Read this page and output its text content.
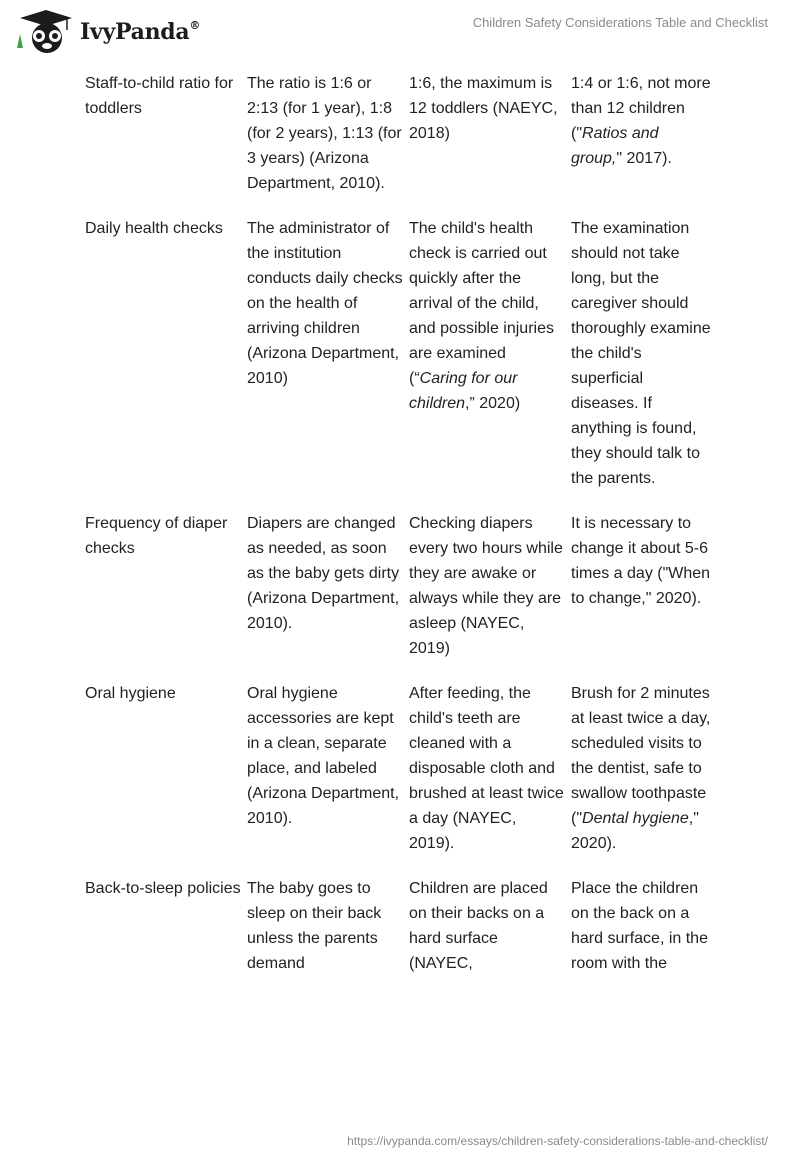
IvyPanda®	Children Safety Considerations Table and Checklist
Staff-to-child ratio for toddlers	The ratio is 1:6 or 2:13 (for 1 year), 1:8 (for 2 years), 1:13 (for 3 years) (Arizona Department, 2010).	1:6, the maximum is 12 toddlers (NAEYC, 2018)	1:4 or 1:6, not more than 12 children ("Ratios and group," 2017).
Daily health checks	The administrator of the institution conducts daily checks on the health of arriving children (Arizona Department, 2010)	The child's health check is carried out quickly after the arrival of the child, and possible injuries are examined (“Caring for our children,” 2020)	The examination should not take long, but the caregiver should thoroughly examine the child's superficial diseases. If anything is found, they should talk to the parents.
Frequency of diaper checks	Diapers are changed as needed, as soon as the baby gets dirty (Arizona Department, 2010).	Checking diapers every two hours while they are awake or always while they are asleep (NAYEC, 2019)	It is necessary to change it about 5-6 times a day ("When to change," 2020).
Oral hygiene	Oral hygiene accessories are kept in a clean, separate place, and labeled (Arizona Department, 2010).	After feeding, the child's teeth are cleaned with a disposable cloth and brushed at least twice a day (NAYEC, 2019).	Brush for 2 minutes at least twice a day, scheduled visits to the dentist, safe to swallow toothpaste ("Dental hygiene," 2020).
Back-to-sleep policies	The baby goes to sleep on their back unless the parents demand	Children are placed on their backs on a hard surface (NAYEC,	Place the children on the back on a hard surface, in the room with the
https://ivypanda.com/essays/children-safety-considerations-table-and-checklist/
